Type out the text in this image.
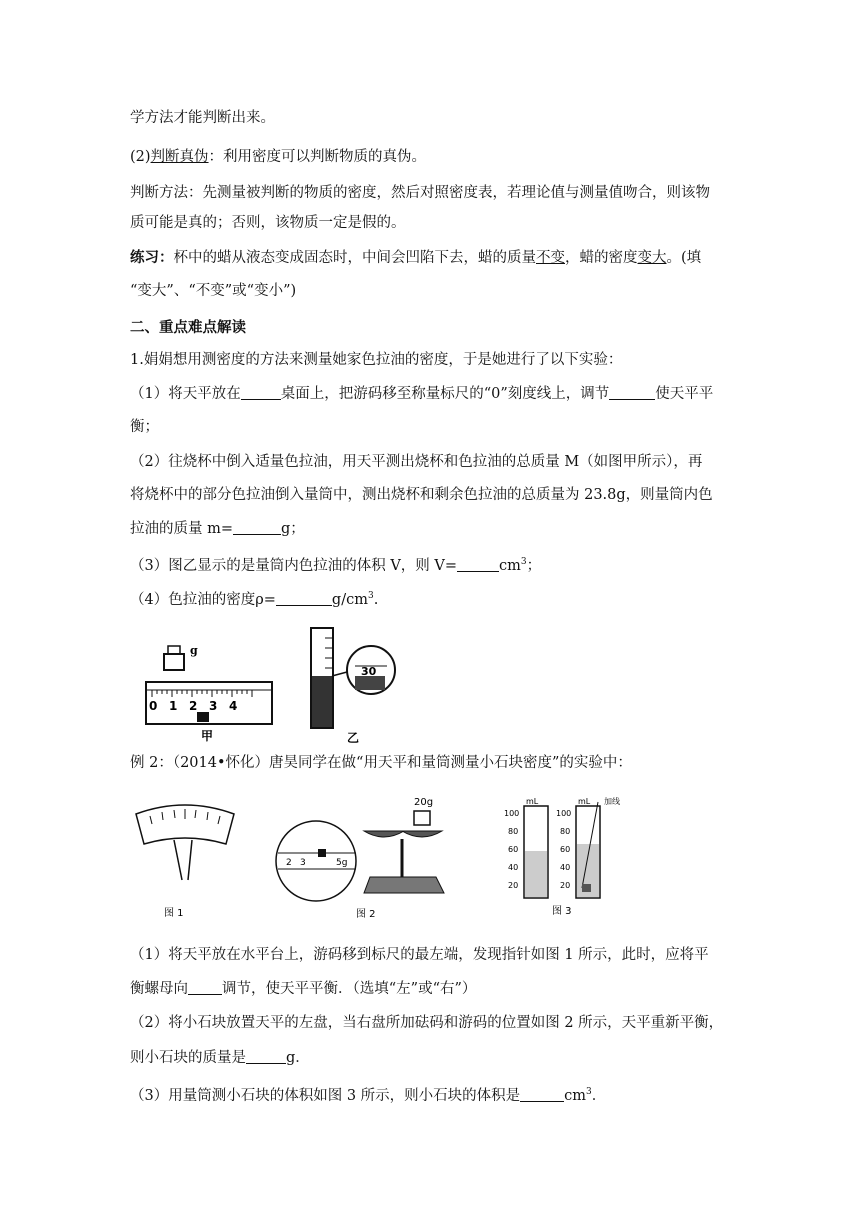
学方法才能判断出来。
(2)判断真伪：利用密度可以判断物质的真伪。
判断方法：先测量被判断的物质的密度，然后对照密度表，若理论值与测量值吻合，则该物
质可能是真的；否则，该物质一定是假的。
练习：杯中的蜡从液态变成固态时，中间会凹陷下去，蜡的质量不变，蜡的密度变大。(填
“变大”、“不变”或“变小”)
二、重点难点解读
1.娟娟想用测密度的方法来测量她家色拉油的密度，于是她进行了以下实验：
（1）将天平放在	桌面上，把游码移至称量标尺的“0”刻度线上，调节	使天平平
衡；
（2）往烧杯中倒入适量色拉油，用天平测出烧杯和色拉油的总质量 M（如图甲所示），再
将烧杯中的部分色拉油倒入量筒中，测出烧杯和剩余色拉油的总质量为 23.8g，则量筒内色
拉油的质量 m=	g；
（3）图乙显示的是量筒内色拉油的体积 V，则 V=	$cm^3$；
（4）色拉油的密度ρ=	$g/cm^3$.
g
0 1 2 3 4
甲
30
乙
例 2：（2014•怀化）唐昊同学在做“用天平和量筒测量小石块密度”的实验中：
图 1
2 3	5g
20g
图 2
mL	mL 加线
100
80
60
40
20
100
80
60
40
20
图 3
（1）将天平放在水平台上，游码移到标尺的最左端，发现指针如图 1 所示，此时，应将平
衡螺母向 调节，使天平平衡．（选填“左”或“右”）
（2）将小石块放置天平的左盘，当右盘所加砝码和游码的位置如图 2 所示，天平重新平衡，
则小石块的质量是	g．
（3）用量筒测小石块的体积如图 3 所示，则小石块的体积是	$cm^3$．
